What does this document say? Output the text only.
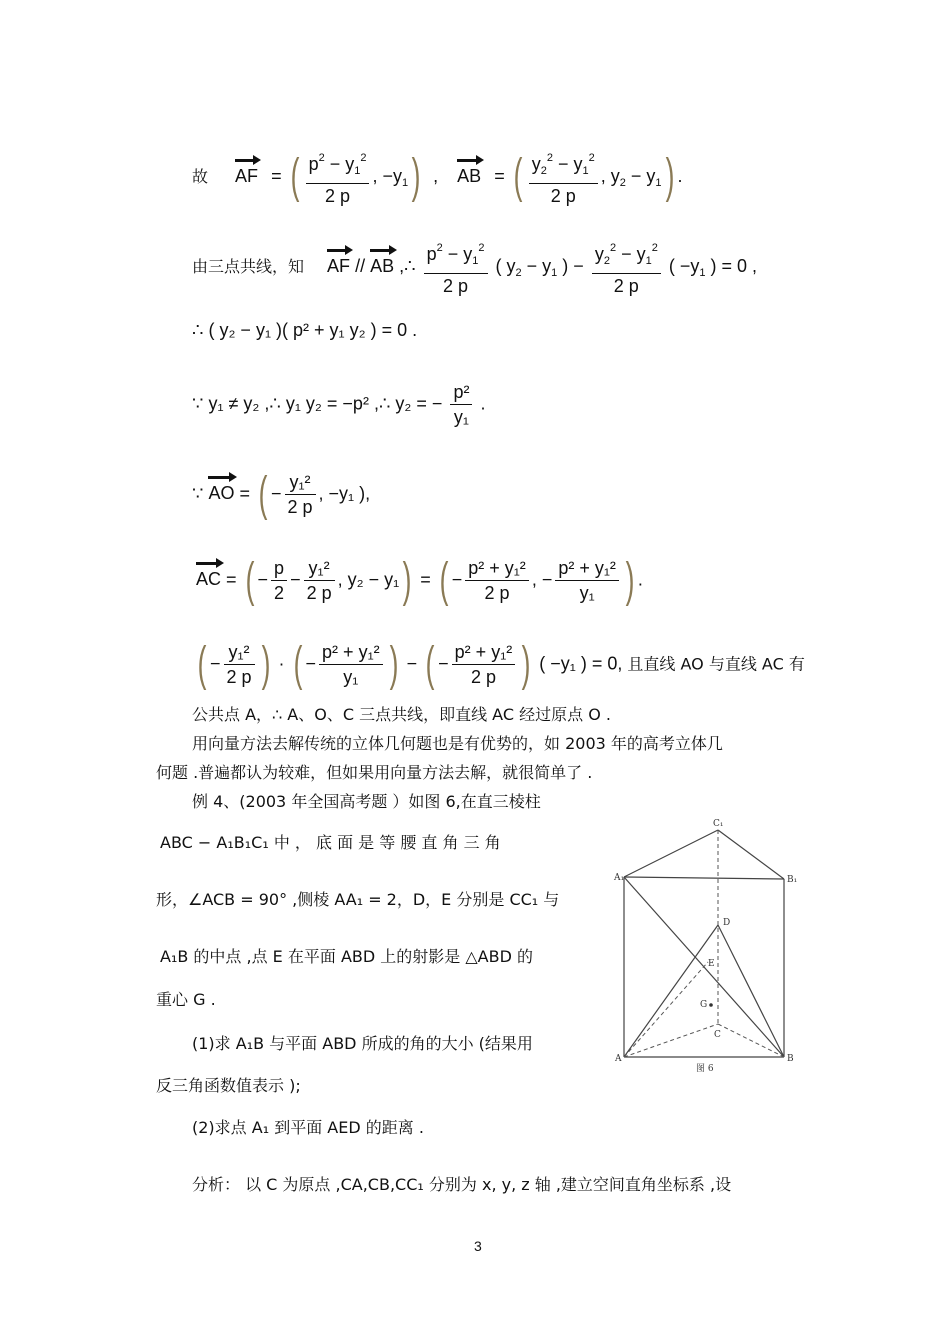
故 AF = ( $\frac{p^2 - y_1^2}{2 p}$ , $-y_1$) , AB = ( $\frac{y_2^2 - y_1^2}{2 p}$ , $y_2 - y_1$) .
由三点共线，知 AF // AB ,∴ $\frac{p^2 - y_1^2}{2 p}$ ( $y_2 - y_1$ ) − $\frac{y_2^2 - y_1^2}{2 p}$ ( $-y_1$ ) = 0 ,
∴ ( y₂ − y₁ )( p² + y₁ y₂ ) = 0 .
∵ y₁ ≠ y₂ ,∴ y₁ y₂ = −p² ,∴ y₂ = − $\frac{\text{p²}}{\text{y₁}}$ .
∵ AO = ( − $\frac{\text{y₁²}}{2 p}$ , −y₁ ),
AC = ( − $\frac{p}{2} - \frac{\text{y₁²}}{2 p}$ , y₂ − y₁) = ( − $\frac{\text{p² + y₁²}}{2 p}$ , − $\frac{\text{p² + y₁²}}{\text{y₁}}$ ) .
( − $\frac{\text{y₁²}}{2 p}$ ) · ( − $\frac{\text{p² + y₁²}}{\text{y₁}}$ ) − ( − $\frac{\text{p² + y₁²}}{2 p}$ ) ( −y₁ ) = 0, 且直线 AO 与直线 AC 有
公共点 A，∴ A、O、C 三点共线，即直线 AC 经过原点 O .
用向量方法去解传统的立体几何题也是有优势的，如 2003 年的高考立体几
何题 .普遍都认为较难，但如果用向量方法去解，就很简单了 .
例 4、(2003 年全国高考题 ）如图 6,在直三棱柱
ABC − A₁B₁C₁ 中 ， 底 面 是 等 腰 直 角 三 角
形，∠ACB = 90° ,侧棱 AA₁ = 2，D，E 分别是 CC₁ 与
A₁B 的中点 ,点 E 在平面 ABD 上的射影是 △ABD 的
重心 G .
(1)求 A₁B 与平面 ABD 所成的角的大小 (结果用
反三角函数值表示 );
(2)求点 A₁ 到平面 AED 的距离 .
分析： 以 C 为原点 ,CA,CB,CC₁ 分别为 x, y, z 轴 ,建立空间直角坐标系 ,设
C₁
A₁	B₁
D
E
G
C
A	B
图 6
3
